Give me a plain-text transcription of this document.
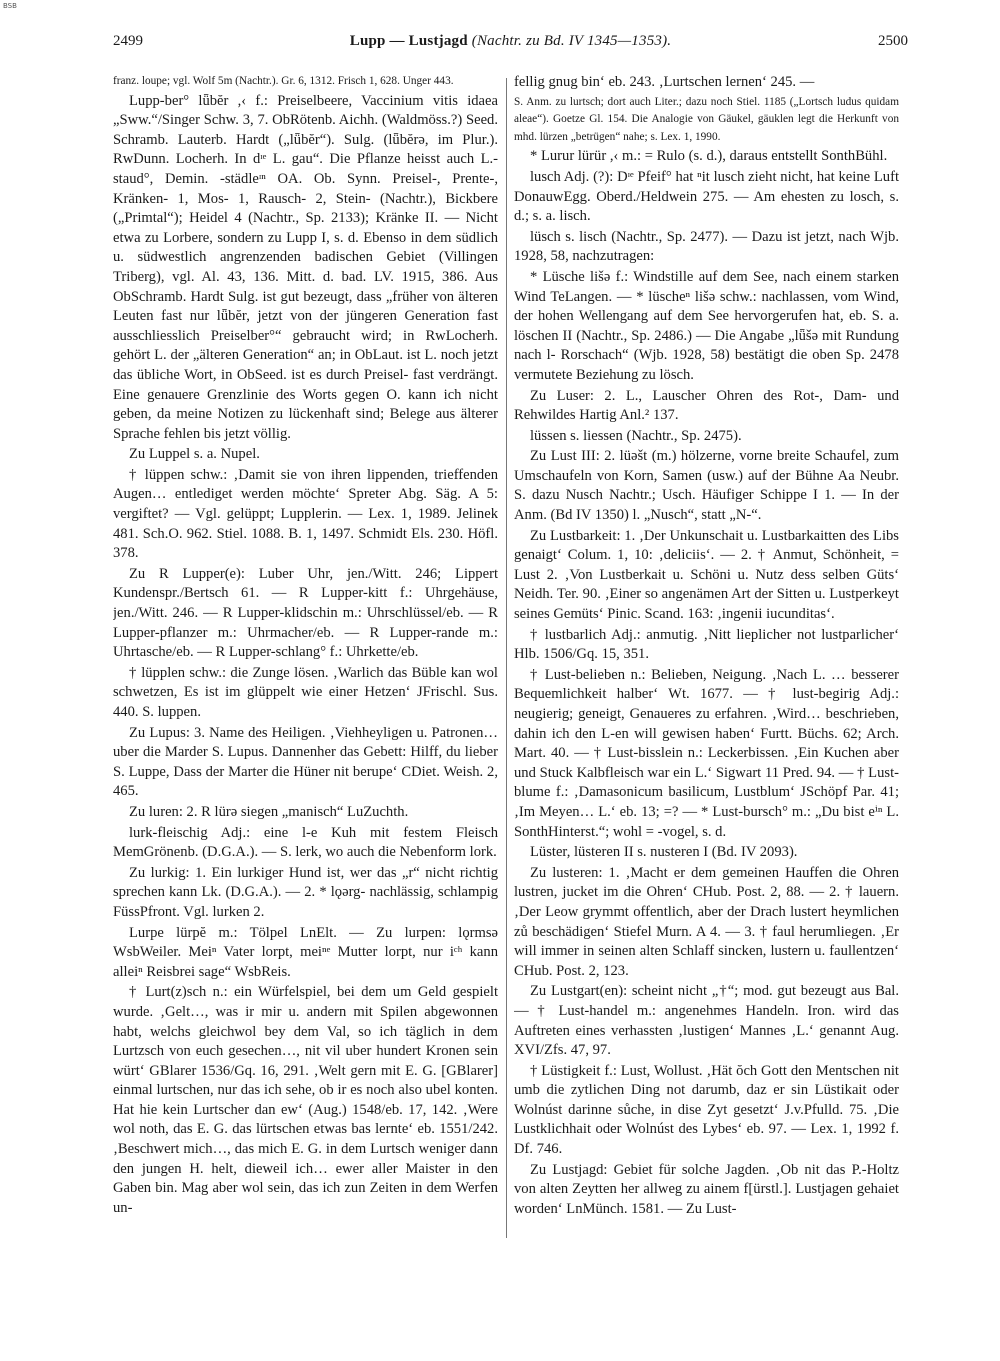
BSB
2499	Lupp — Lustjagd (Nachtr. zu Bd. IV 1345—1353).	2500

franz. loupe; vgl. Wolf 5m (Nachtr.). Gr. 6, 1312. Frisch 1, 628. Unger 443.

Lupp-ber° lǖbĕr ,‹ f.: Preiselbeere, Vaccinium vitis idaea „Sww.“/Singer Schw. 3, 7. ObRötenb. Aichh. (Waldmöss.?) Seed. Schramb. Lauterb. Hardt („lǖbĕr“). Sulg. (lǖbĕrə, im Plur.). RwDunn. Locherh. In dᶦᵉ L. gau“. Die Pflanze heisst auch L.-staud°, Demin. -städleᶦⁿ OA. Ob. Synn. Preisel-, Prente-, Kränken- 1, Mos- 1, Rausch- 2, Stein- (Nachtr.), Bickbere („Primtal“); Heidel 4 (Nachtr., Sp. 2133); Kränke II. — Nicht etwa zu Lorbere, sondern zu Lupp I, s. d. Ebenso in dem südlich u. südwestlich angrenzenden badischen Gebiet (Villingen Triberg), vgl. Al. 43, 136. Mitt. d. bad. LV. 1915, 386. Aus ObSchramb. Hardt Sulg. ist gut bezeugt, dass „früher von älteren Leuten fast nur lǖbĕr, jetzt von der jüngeren Generation fast ausschliesslich Preiselber°“ gebraucht wird; in RwLocherh. gehört L. der „älteren Generation“ an; in ObLaut. ist L. noch jetzt das übliche Wort, in ObSeed. ist es durch Preisel- fast verdrängt. Eine genauere Grenzlinie des Worts gegen O. kann ich nicht geben, da meine Notizen zu lückenhaft sind; Belege aus älterer Sprache fehlen bis jetzt völlig.

Zu Luppel s. a. Nupel.

† lüppen schw.: ‚Damit sie von ihren lippenden, trieffenden Augen… entlediget werden möchte‘ Spreter Abg. Säg. A 5: vergiftet? — Vgl. gelüppt; Lupplerin. — Lex. 1, 1989. Jelinek 481. Sch.O. 962. Stiel. 1088. B. 1, 1497. Schmidt Els. 230. Höfl. 378.

Zu R Lupper(e): Luber Uhr, jen./Witt. 246; Lippert Kundenspr./Bertsch 61. — R Lupper-kitt f.: Uhrgehäuse, jen./Witt. 246. — R Lupper-klidschin m.: Uhrschlüssel/eb. — R Lupper-pflanzer m.: Uhrmacher/eb. — R Lupper-rande m.: Uhrtasche/eb. — R Lupper-schlang° f.: Uhrkette/eb.

† lüpplen schw.: die Zunge lösen. ‚Warlich das Büble kan wol schwetzen, Es ist im glüppelt wie einer Hetzen‘ JFrischl. Sus. 440. S. luppen.

Zu Lupus: 3. Name des Heiligen. ‚Viehheyligen u. Patronen… uber die Marder S. Lupus. Dannenher das Gebett: Hilff, du lieber S. Luppe, Dass der Marter die Hüner nit berupe‘ CDiet. Weish. 2, 465.

Zu luren: 2. R lürə siegen „manisch“ LuZuchth.

lurk-fleischig Adj.: eine l-e Kuh mit festem Fleisch MemGrönenb. (D.G.A.). — S. lerk, wo auch die Nebenform lork.

Zu lurkig: 1. Ein lurkiger Hund ist, wer das „r“ nicht richtig sprechen kann Lk. (D.G.A.). — 2. * lǫərg- nachlässig, schlampig FüssPfront. Vgl. lurken 2.

Lurpe lürpĕ m.: Tölpel LnElt. — Zu lurpen: lǫrmsə WsbWeiler. Meiⁿ Vater lorpt, meiⁿᵉ Mutter lorpt, nur iᶜʰ kann alleiⁿ Reisbrei sage“ WsbReis.

† Lurt(z)sch n.: ein Würfelspiel, bei dem um Geld gespielt wurde. ‚Gelt…, was ir mir u. andern mit Spilen abgewonnen habt, welchs gleichwol bey dem Val, so ich täglich in dem Lurtzsch von euch gesechen…, nit vil uber hundert Kronen sein würt‘ GBlarer 1536/Gq. 16, 291. ‚Welt gern mit E. G. [GBlarer] einmal lurtschen, nur das ich sehe, ob ir es noch also ubel konten. Hat hie kein Lurtscher dan ew‘ (Aug.) 1548/eb. 17, 142. ‚Were wol noth, das E. G. das lürtschen etwas bas lernte‘ eb. 1551/242. ‚Beschwert mich…, das mich E. G. in dem Lurtsch weniger dann den jungen H. helt, dieweil ich… ewer aller Maister in den Gaben bin. Mag aber wol sein, das ich zun Zeiten in dem Werfen un-

fellig gnug bin‘ eb. 243. ‚Lurtschen lernen‘ 245. —

S. Anm. zu lurtsch; dort auch Liter.; dazu noch Stiel. 1185 („Lortsch ludus quidam aleae“). Goetze Gl. 154. Die Analogie von Gäukel, gäuklen legt die Herkunft von mhd. lürzen „betrügen“ nahe; s. Lex. 1, 1990.

* Lurur lürür ,‹ m.: = Rulo (s. d.), daraus entstellt SonthBühl.

lusch Adj. (?): Dᶦᵉ Pfeif° hat ⁿit lusch zieht nicht, hat keine Luft DonauwEgg. Oberd./Heldwein 275. — Am ehesten zu losch, s. d.; s. a. lisch.

lüsch s. lisch (Nachtr., Sp. 2477). — Dazu ist jetzt, nach Wjb. 1928, 58, nachzutragen:

* Lüsche lišə f.: Windstille auf dem See, nach einem starken Wind TeLangen. — * lüscheⁿ lišə schw.: nachlassen, vom Wind, der hohen Wellengang auf dem See hervorgerufen hat, eb. S. a. löschen II (Nachtr., Sp. 2486.) — Die Angabe „lǖšə mit Rundung nach l- Rorschach“ (Wjb. 1928, 58) bestätigt die oben Sp. 2478 vermutete Beziehung zu lösch.

Zu Luser: 2. L., Lauscher Ohren des Rot-, Dam- und Rehwildes Hartig Anl.² 137.

lüssen s. liessen (Nachtr., Sp. 2475).

Zu Lust III: 2. lüəšt (m.) hölzerne, vorne breite Schaufel, zum Umschaufeln von Korn, Samen (usw.) auf der Bühne Aa Neubr. S. dazu Nusch Nachtr.; Usch. Häufiger Schippe I 1. — In der Anm. (Bd IV 1350) l. „Nusch“, statt „N-“.

Zu Lustbarkeit: 1. ‚Der Unkunschait u. Lustbarkaitten des Libs genaigt‘ Colum. 1, 10: ‚deliciis‘. — 2. † Anmut, Schönheit, = Lust 2. ‚Von Lustberkait u. Schöni u. Nutz dess selben Güts‘ Neidh. Ter. 90. ‚Einer so angenämen Art der Sitten u. Lustperkeyt seines Gemüts‘ Pinic. Scand. 163: ‚ingenii iucunditas‘.

† lustbarlich Adj.: anmutig. ‚Nitt lieplicher not lustparlicher‘ Hlb. 1506/Gq. 15, 351.

† Lust-belieben n.: Belieben, Neigung. ‚Nach L. … besserer Bequemlichkeit halber‘ Wt. 1677. — † lust-begirig Adj.: neugierig; geneigt, Genaueres zu erfahren. ‚Wird… beschrieben, dahin ich den L-en will gewisen haben‘ Furtt. Büchs. 62; Arch. Mart. 40. — † Lust-bisslein n.: Leckerbissen. ‚Ein Kuchen aber und Stuck Kalbfleisch war ein L.‘ Sigwart 11 Pred. 94. — † Lust-blume f.: ‚Damasonicum basilicum, Lustblum‘ JSchöpf Par. 41; ‚Im Meyen… L.‘ eb. 13; =? — * Lust-bursch° m.: „Du bist eⁱⁿ L. SonthHinterst.“; wohl = -vogel, s. d.

Lüster, lüsteren II s. nusteren I (Bd. IV 2093).

Zu lusteren: 1. ‚Macht er dem gemeinen Hauffen die Ohren lustren, jucket im die Ohren‘ CHub. Post. 2, 88. — 2. † lauern. ‚Der Leow grymmt offentlich, aber der Drach lustert heymlichen zů beschädigen‘ Stiefel Murn. A 4. — 3. † faul herumliegen. ‚Er will immer in seinen alten Schlaff sincken, lustern u. faullentzen‘ CHub. Post. 2, 123.

Zu Lustgart(en): scheint nicht „†“; mod. gut bezeugt aus Bal. — † Lust-handel m.: angenehmes Handeln. Iron. wird das Auftreten eines verhassten ‚lustigen‘ Mannes ‚L.‘ genannt Aug. XVI/Zfs. 47, 97.

† Lüstigkeit f.: Lust, Wollust. ‚Hät ŏch Gott den Mentschen nit umb die zytlichen Ding not darumb, daz er sin Lüstikait oder Wolnúst darinne sůche, in dise Zyt gesetzt‘ J.v.Pfulld. 75. ‚Die Lustklichhait oder Wolnúst des Lybes‘ eb. 97. — Lex. 1, 1992 f. Df. 746.

Zu Lustjagd: Gebiet für solche Jagden. ‚Ob nit das P.-Holtz von alten Zeytten her allweg zu ainem f[ürstl.]. Lustjagen gehaiet worden‘ LnMünch. 1581. — Zu Lust-
